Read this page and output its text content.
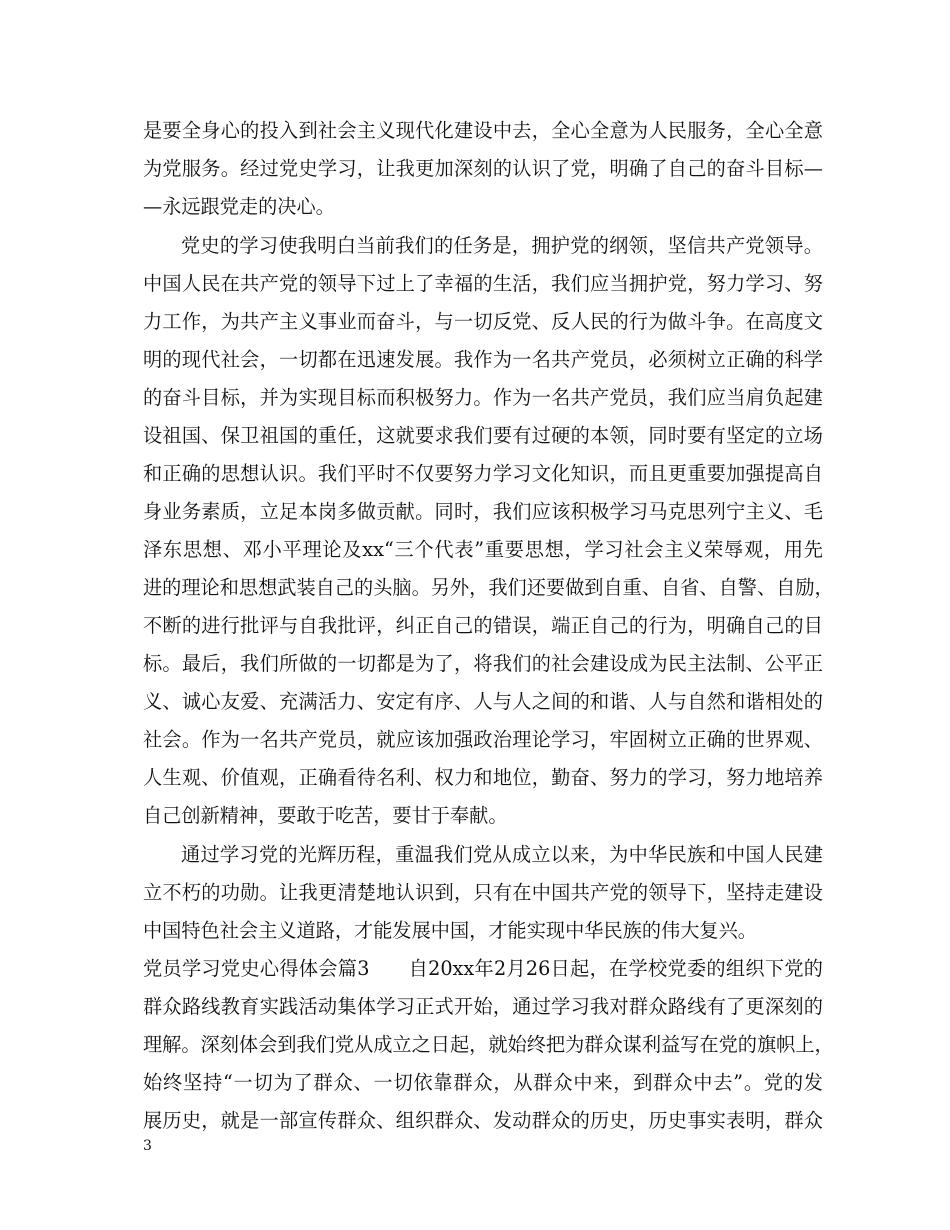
是要全身心的投入到社会主义现代化建设中去，全心全意为人民服务，全心全意
为党服务。经过党史学习，让我更加深刻的认识了党，明确了自己的奋斗目标—
—永远跟党走的决心。
党史的学习使我明白当前我们的任务是，拥护党的纲领，坚信共产党领导。
中国人民在共产党的领导下过上了幸福的生活，我们应当拥护党，努力学习、努
力工作，为共产主义事业而奋斗，与一切反党、反人民的行为做斗争。在高度文
明的现代社会，一切都在迅速发展。我作为一名共产党员，必须树立正确的科学
的奋斗目标，并为实现目标而积极努力。作为一名共产党员，我们应当肩负起建
设祖国、保卫祖国的重任，这就要求我们要有过硬的本领，同时要有坚定的立场
和正确的思想认识。我们平时不仅要努力学习文化知识，而且更重要加强提高自
身业务素质，立足本岗多做贡献。同时，我们应该积极学习马克思列宁主义、毛
泽东思想、邓小平理论及xx“三个代表”重要思想，学习社会主义荣辱观，用先
进的理论和思想武装自己的头脑。另外，我们还要做到自重、自省、自警、自励，
不断的进行批评与自我批评，纠正自己的错误，端正自己的行为，明确自己的目
标。最后，我们所做的一切都是为了，将我们的社会建设成为民主法制、公平正
义、诚心友爱、充满活力、安定有序、人与人之间的和谐、人与自然和谐相处的
社会。作为一名共产党员，就应该加强政治理论学习，牢固树立正确的世界观、
人生观、价值观，正确看待名利、权力和地位，勤奋、努力的学习，努力地培养
自己创新精神，要敢于吃苦，要甘于奉献。
通过学习党的光辉历程，重温我们党从成立以来，为中华民族和中国人民建
立不朽的功勋。让我更清楚地认识到，只有在中国共产党的领导下，坚持走建设
中国特色社会主义道路，才能发展中国，才能实现中华民族的伟大复兴。
党员学习党史心得体会篇3　　自20xx年2月26日起，在学校党委的组织下党的
群众路线教育实践活动集体学习正式开始，通过学习我对群众路线有了更深刻的
理解。深刻体会到我们党从成立之日起，就始终把为群众谋利益写在党的旗帜上，
始终坚持“一切为了群众、一切依靠群众，从群众中来，到群众中去”。党的发
展历史，就是一部宣传群众、组织群众、发动群众的历史，历史事实表明，群众
3
